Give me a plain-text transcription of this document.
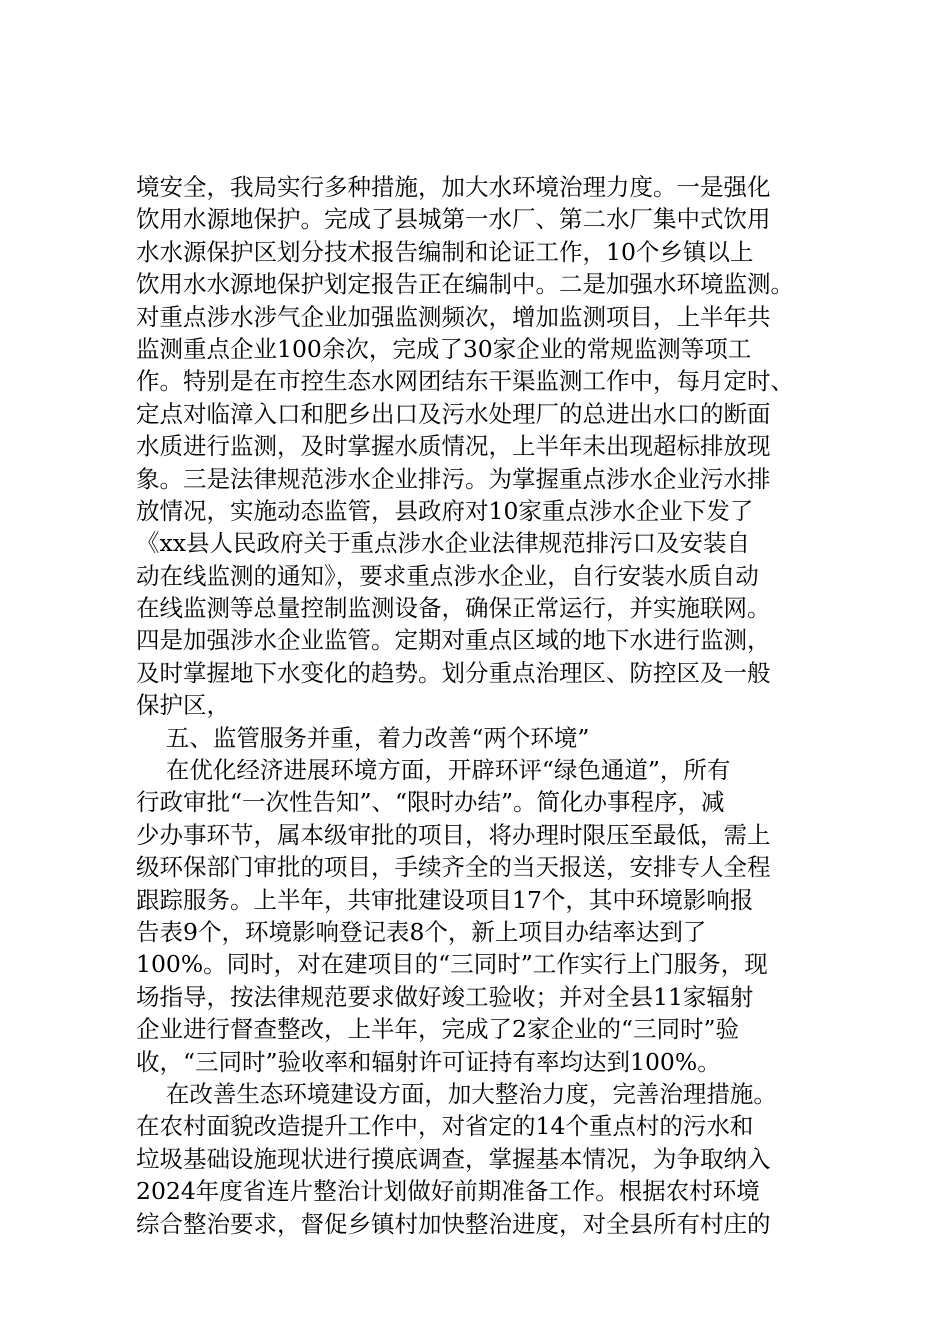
境安全，我局实行多种措施，加大水环境治理力度。一是强化
饮用水源地保护。完成了县城第一水厂、第二水厂集中式饮用
水水源保护区划分技术报告编制和论证工作，10个乡镇以上
饮用水水源地保护划定报告正在编制中。二是加强水环境监测。
对重点涉水涉气企业加强监测频次，增加监测项目，上半年共
监测重点企业100余次，完成了30家企业的常规监测等项工
作。特别是在市控生态水网团结东干渠监测工作中，每月定时、
定点对临漳入口和肥乡出口及污水处理厂的总进出水口的断面
水质进行监测，及时掌握水质情况，上半年未出现超标排放现
象。三是法律规范涉水企业排污。为掌握重点涉水企业污水排
放情况，实施动态监管，县政府对10家重点涉水企业下发了
《xx县人民政府关于重点涉水企业法律规范排污口及安装自
动在线监测的通知》，要求重点涉水企业，自行安装水质自动
在线监测等总量控制监测设备，确保正常运行，并实施联网。
四是加强涉水企业监管。定期对重点区域的地下水进行监测，
及时掌握地下水变化的趋势。划分重点治理区、防控区及一般
保护区，
五、监管服务并重，着力改善“两个环境”
在优化经济进展环境方面，开辟环评“绿色通道”，所有
行政审批“一次性告知”、“限时办结”。简化办事程序，减
少办事环节，属本级审批的项目，将办理时限压至最低，需上
级环保部门审批的项目，手续齐全的当天报送，安排专人全程
跟踪服务。上半年，共审批建设项目17个，其中环境影响报
告表9个，环境影响登记表8个，新上项目办结率达到了
100%。同时，对在建项目的“三同时”工作实行上门服务，现
场指导，按法律规范要求做好竣工验收；并对全县11家辐射
企业进行督查整改，上半年，完成了2家企业的“三同时”验
收，“三同时”验收率和辐射许可证持有率均达到100%。
在改善生态环境建设方面，加大整治力度，完善治理措施。
在农村面貌改造提升工作中，对省定的14个重点村的污水和
垃圾基础设施现状进行摸底调查，掌握基本情况，为争取纳入
2024年度省连片整治计划做好前期准备工作。根据农村环境
综合整治要求，督促乡镇村加快整治进度，对全县所有村庄的
